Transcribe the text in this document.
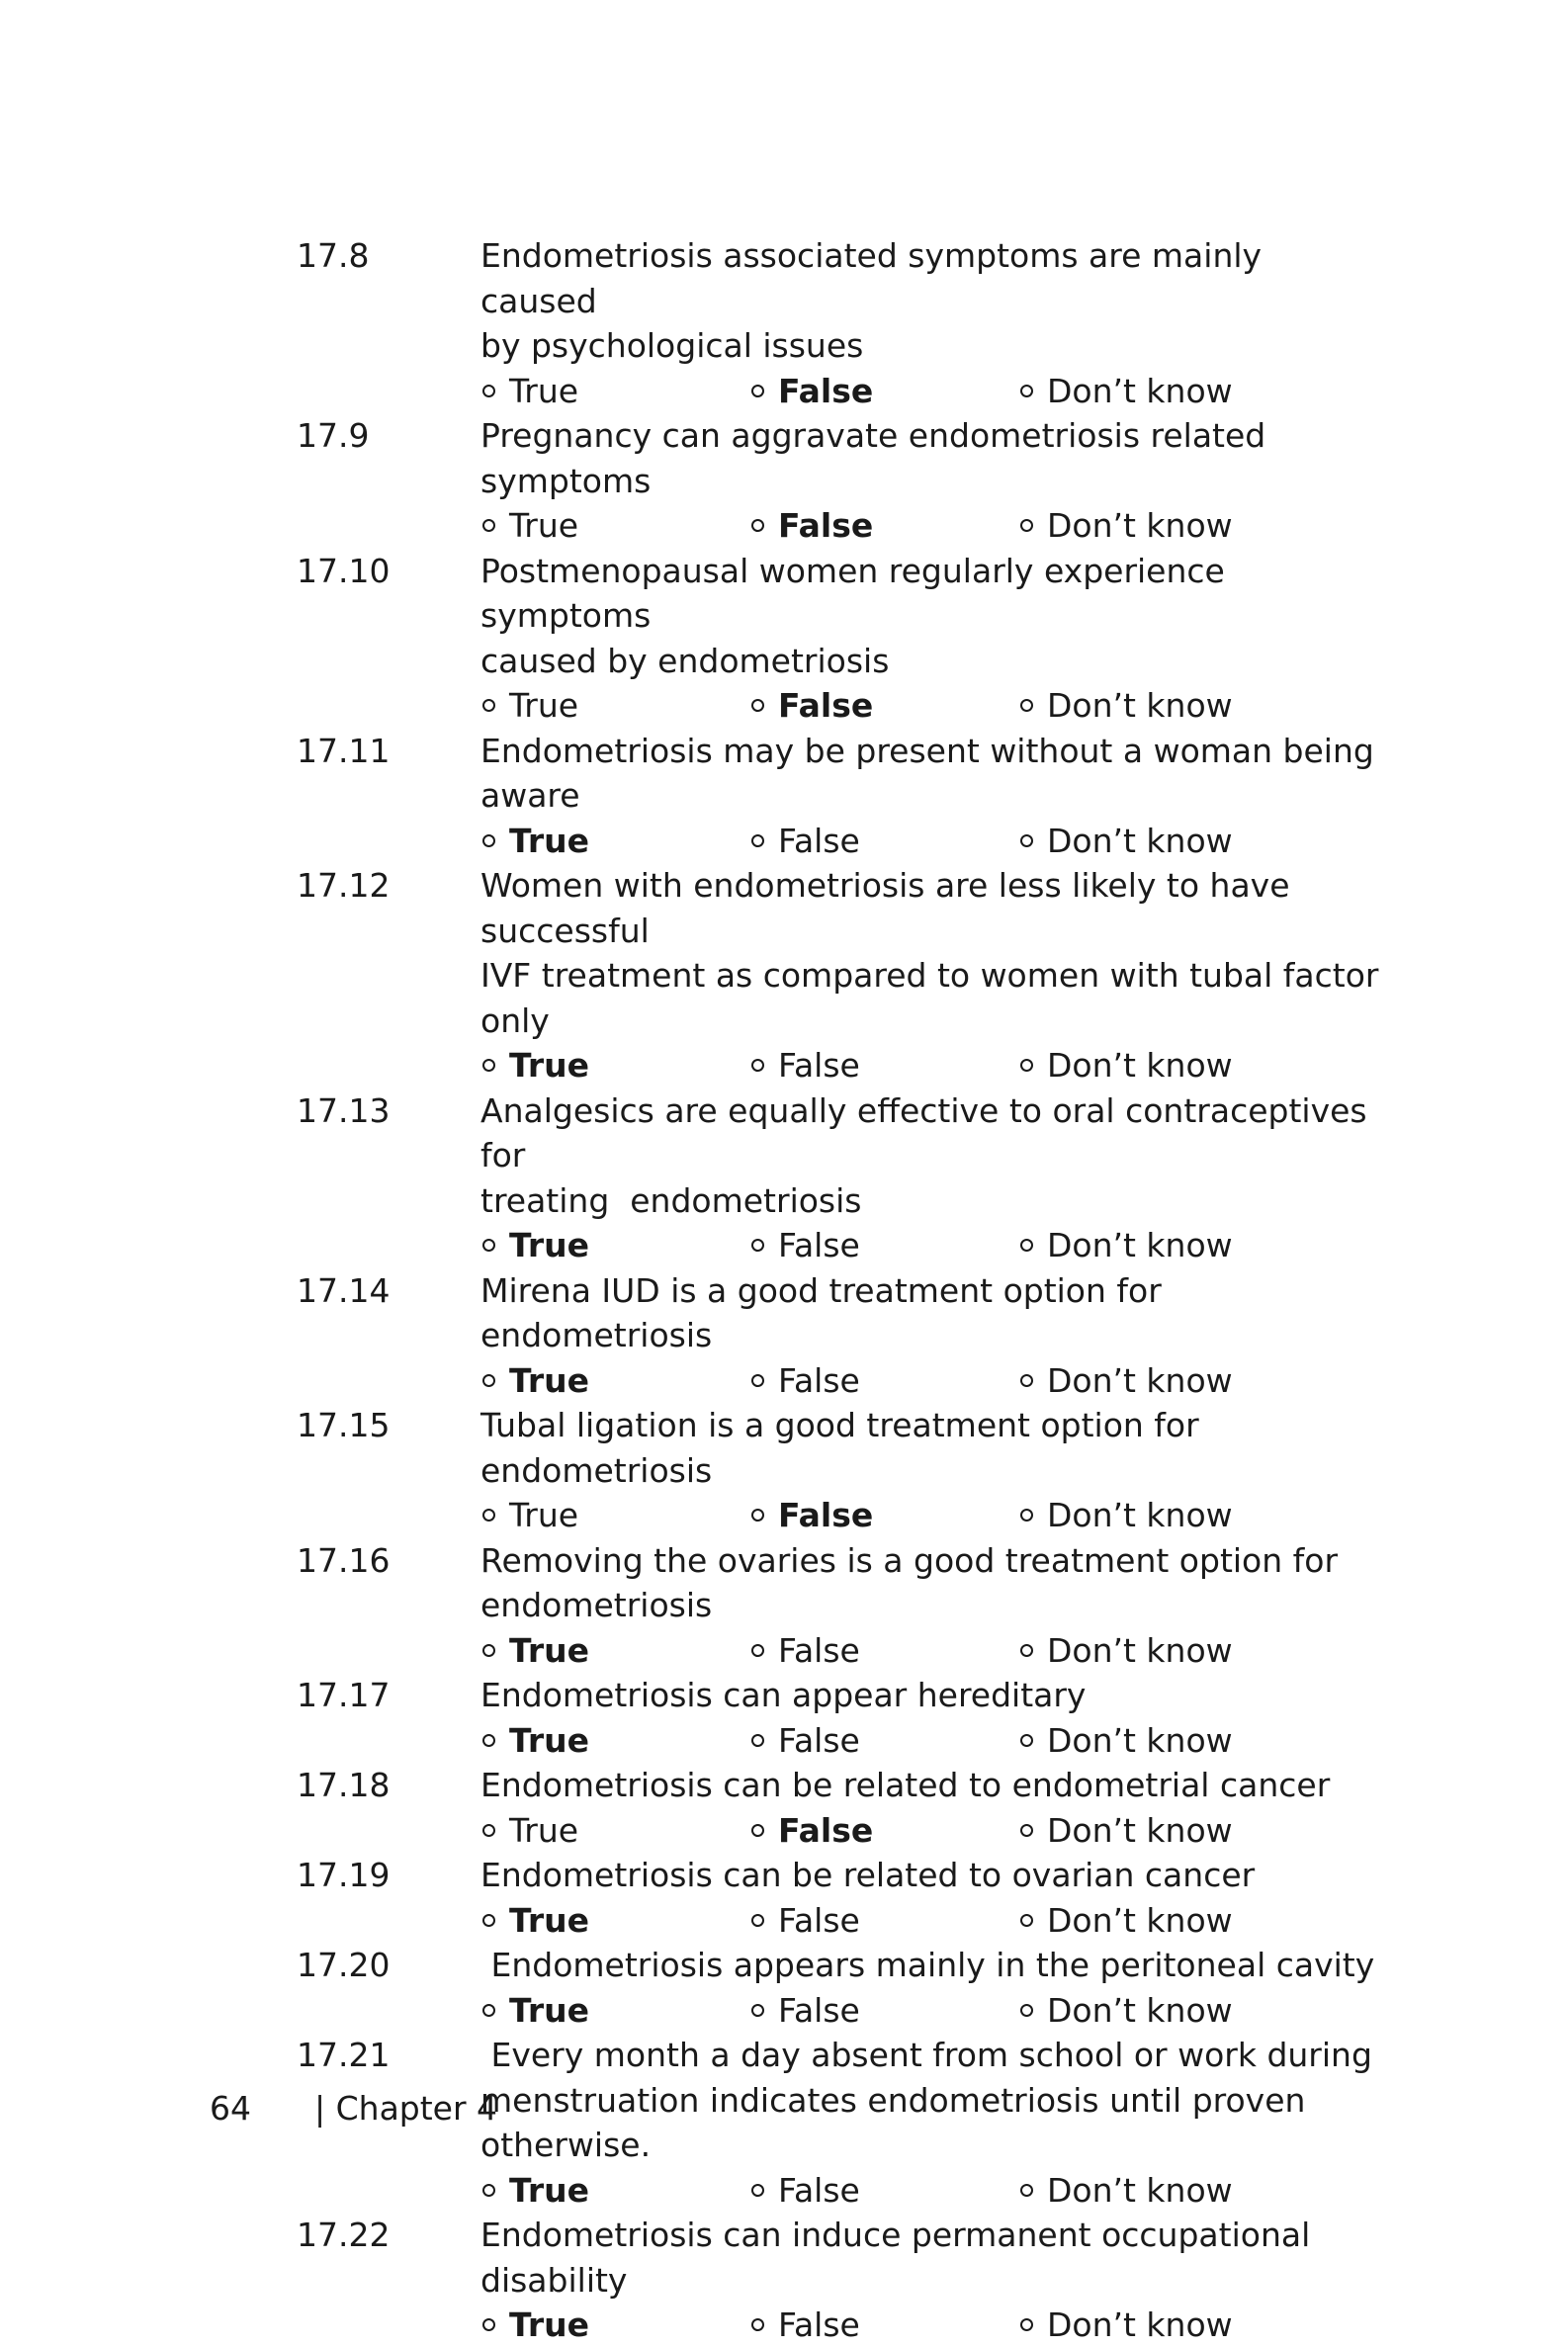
17.8	Endometriosis associated symptoms are mainly caused
by psychological issues
True	False	Don’t know
17.9	Pregnancy can aggravate endometriosis related symptoms
True	False	Don’t know
17.10	Postmenopausal women regularly experience symptoms
caused by endometriosis
True	False	Don’t know
17.11	Endometriosis may be present without a woman being
aware
True	False	Don’t know
17.12	Women with endometriosis are less likely to have successful
IVF treatment as compared to women with tubal factor only
True	False	Don’t know
17.13	Analgesics are equally effective to oral contraceptives for
treating  endometriosis
True	False	Don’t know
17.14	Mirena IUD is a good treatment option for endometriosis
True	False	Don’t know
17.15	Tubal ligation is a good treatment option for endometriosis
True	False	Don’t know
17.16	Removing the ovaries is a good treatment option for
endometriosis
True	False	Don’t know
17.17	Endometriosis can appear hereditary
True	False	Don’t know
17.18	Endometriosis can be related to endometrial cancer
True	False	Don’t know
17.19	Endometriosis can be related to ovarian cancer
True	False	Don’t know
17.20	Endometriosis appears mainly in the peritoneal cavity
True	False	Don’t know
17.21	Every month a day absent from school or work during
menstruation indicates endometriosis until proven
otherwise.
True	False	Don’t know
17.22	Endometriosis can induce permanent occupational
disability
True	False	Don’t know
64	| Chapter 4
